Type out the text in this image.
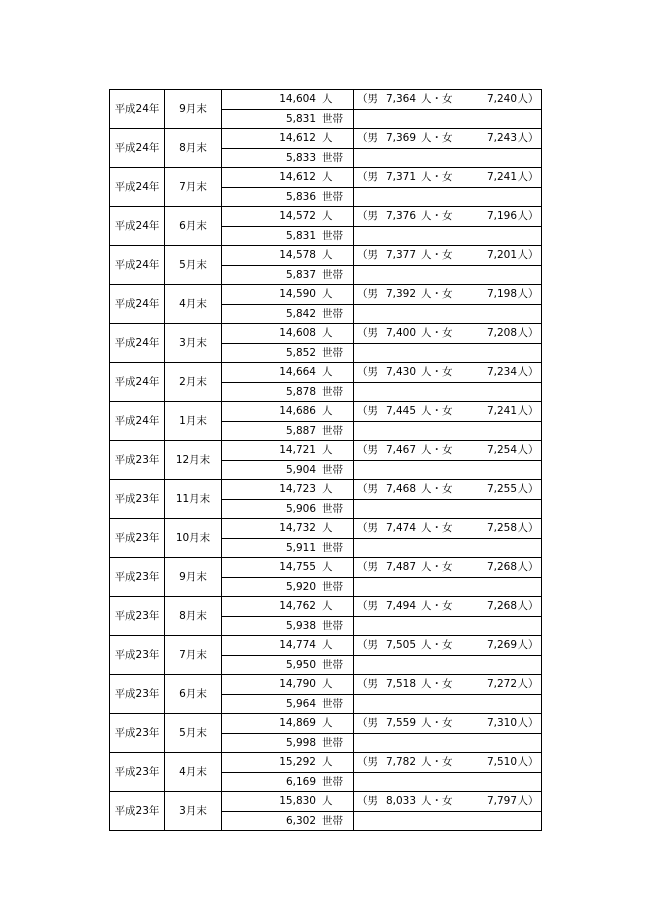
平成24年	9月末	14,604 人	（男 7,364 人・女 7,240人）
		5,831 世帯	
平成24年	8月末	14,612 人	（男 7,369 人・女 7,243人）
		5,833 世帯	
平成24年	7月末	14,612 人	（男 7,371 人・女 7,241人）
		5,836 世帯	
平成24年	6月末	14,572 人	（男 7,376 人・女 7,196人）
		5,831 世帯	
平成24年	5月末	14,578 人	（男 7,377 人・女 7,201人）
		5,837 世帯	
平成24年	4月末	14,590 人	（男 7,392 人・女 7,198人）
		5,842 世帯	
平成24年	3月末	14,608 人	（男 7,400 人・女 7,208人）
		5,852 世帯	
平成24年	2月末	14,664 人	（男 7,430 人・女 7,234人）
		5,878 世帯	
平成24年	1月末	14,686 人	（男 7,445 人・女 7,241人）
		5,887 世帯	
平成23年	12月末	14,721 人	（男 7,467 人・女 7,254人）
		5,904 世帯	
平成23年	11月末	14,723 人	（男 7,468 人・女 7,255人）
		5,906 世帯	
平成23年	10月末	14,732 人	（男 7,474 人・女 7,258人）
		5,911 世帯	
平成23年	9月末	14,755 人	（男 7,487 人・女 7,268人）
		5,920 世帯	
平成23年	8月末	14,762 人	（男 7,494 人・女 7,268人）
		5,938 世帯	
平成23年	7月末	14,774 人	（男 7,505 人・女 7,269人）
		5,950 世帯	
平成23年	6月末	14,790 人	（男 7,518 人・女 7,272人）
		5,964 世帯	
平成23年	5月末	14,869 人	（男 7,559 人・女 7,310人）
		5,998 世帯	
平成23年	4月末	15,292 人	（男 7,782 人・女 7,510人）
		6,169 世帯	
平成23年	3月末	15,830 人	（男 8,033 人・女 7,797人）
		6,302 世帯	
